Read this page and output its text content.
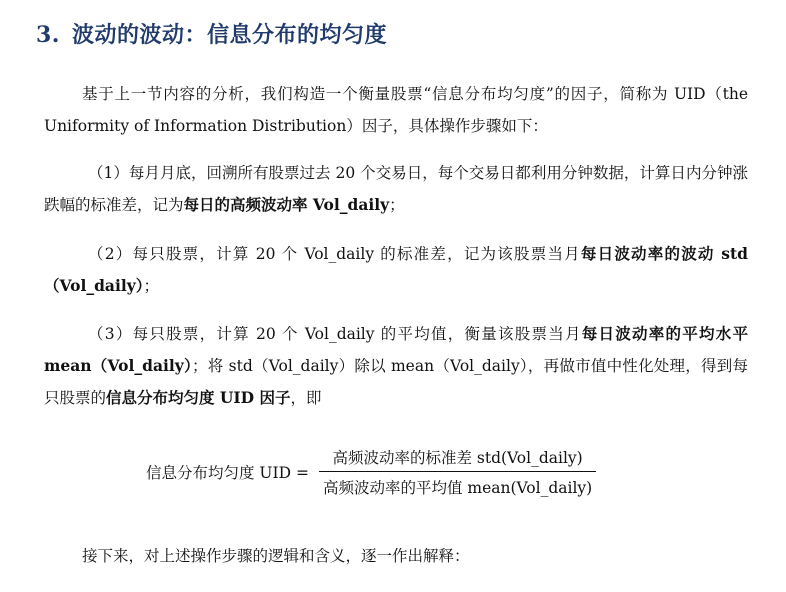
3. 波动的波动：信息分布的均匀度
基于上一节内容的分析，我们构造一个衡量股票“信息分布均匀度”的因子，简称为 UID（the Uniformity of Information Distribution）因子，具体操作步骤如下：
（1）每月月底，回溯所有股票过去 20 个交易日，每个交易日都利用分钟数据，计算日内分钟涨跌幅的标准差，记为每日的高频波动率 Vol_daily；
（2）每只股票，计算 20 个 Vol_daily 的标准差，记为该股票当月每日波动率的波动 std（Vol_daily）；
（3）每只股票，计算 20 个 Vol_daily 的平均值，衡量该股票当月每日波动率的平均水平 mean（Vol_daily）；将 std（Vol_daily）除以 mean（Vol_daily），再做市值中性化处理，得到每只股票的信息分布均匀度 UID 因子，即
信息分布均匀度 UID = $\frac{\text{高频波动率的标准差 std(Vol\_daily)}}{\text{高频波动率的平均值 mean(Vol\_daily)}}$
接下来，对上述操作步骤的逻辑和含义，逐一作出解释：
